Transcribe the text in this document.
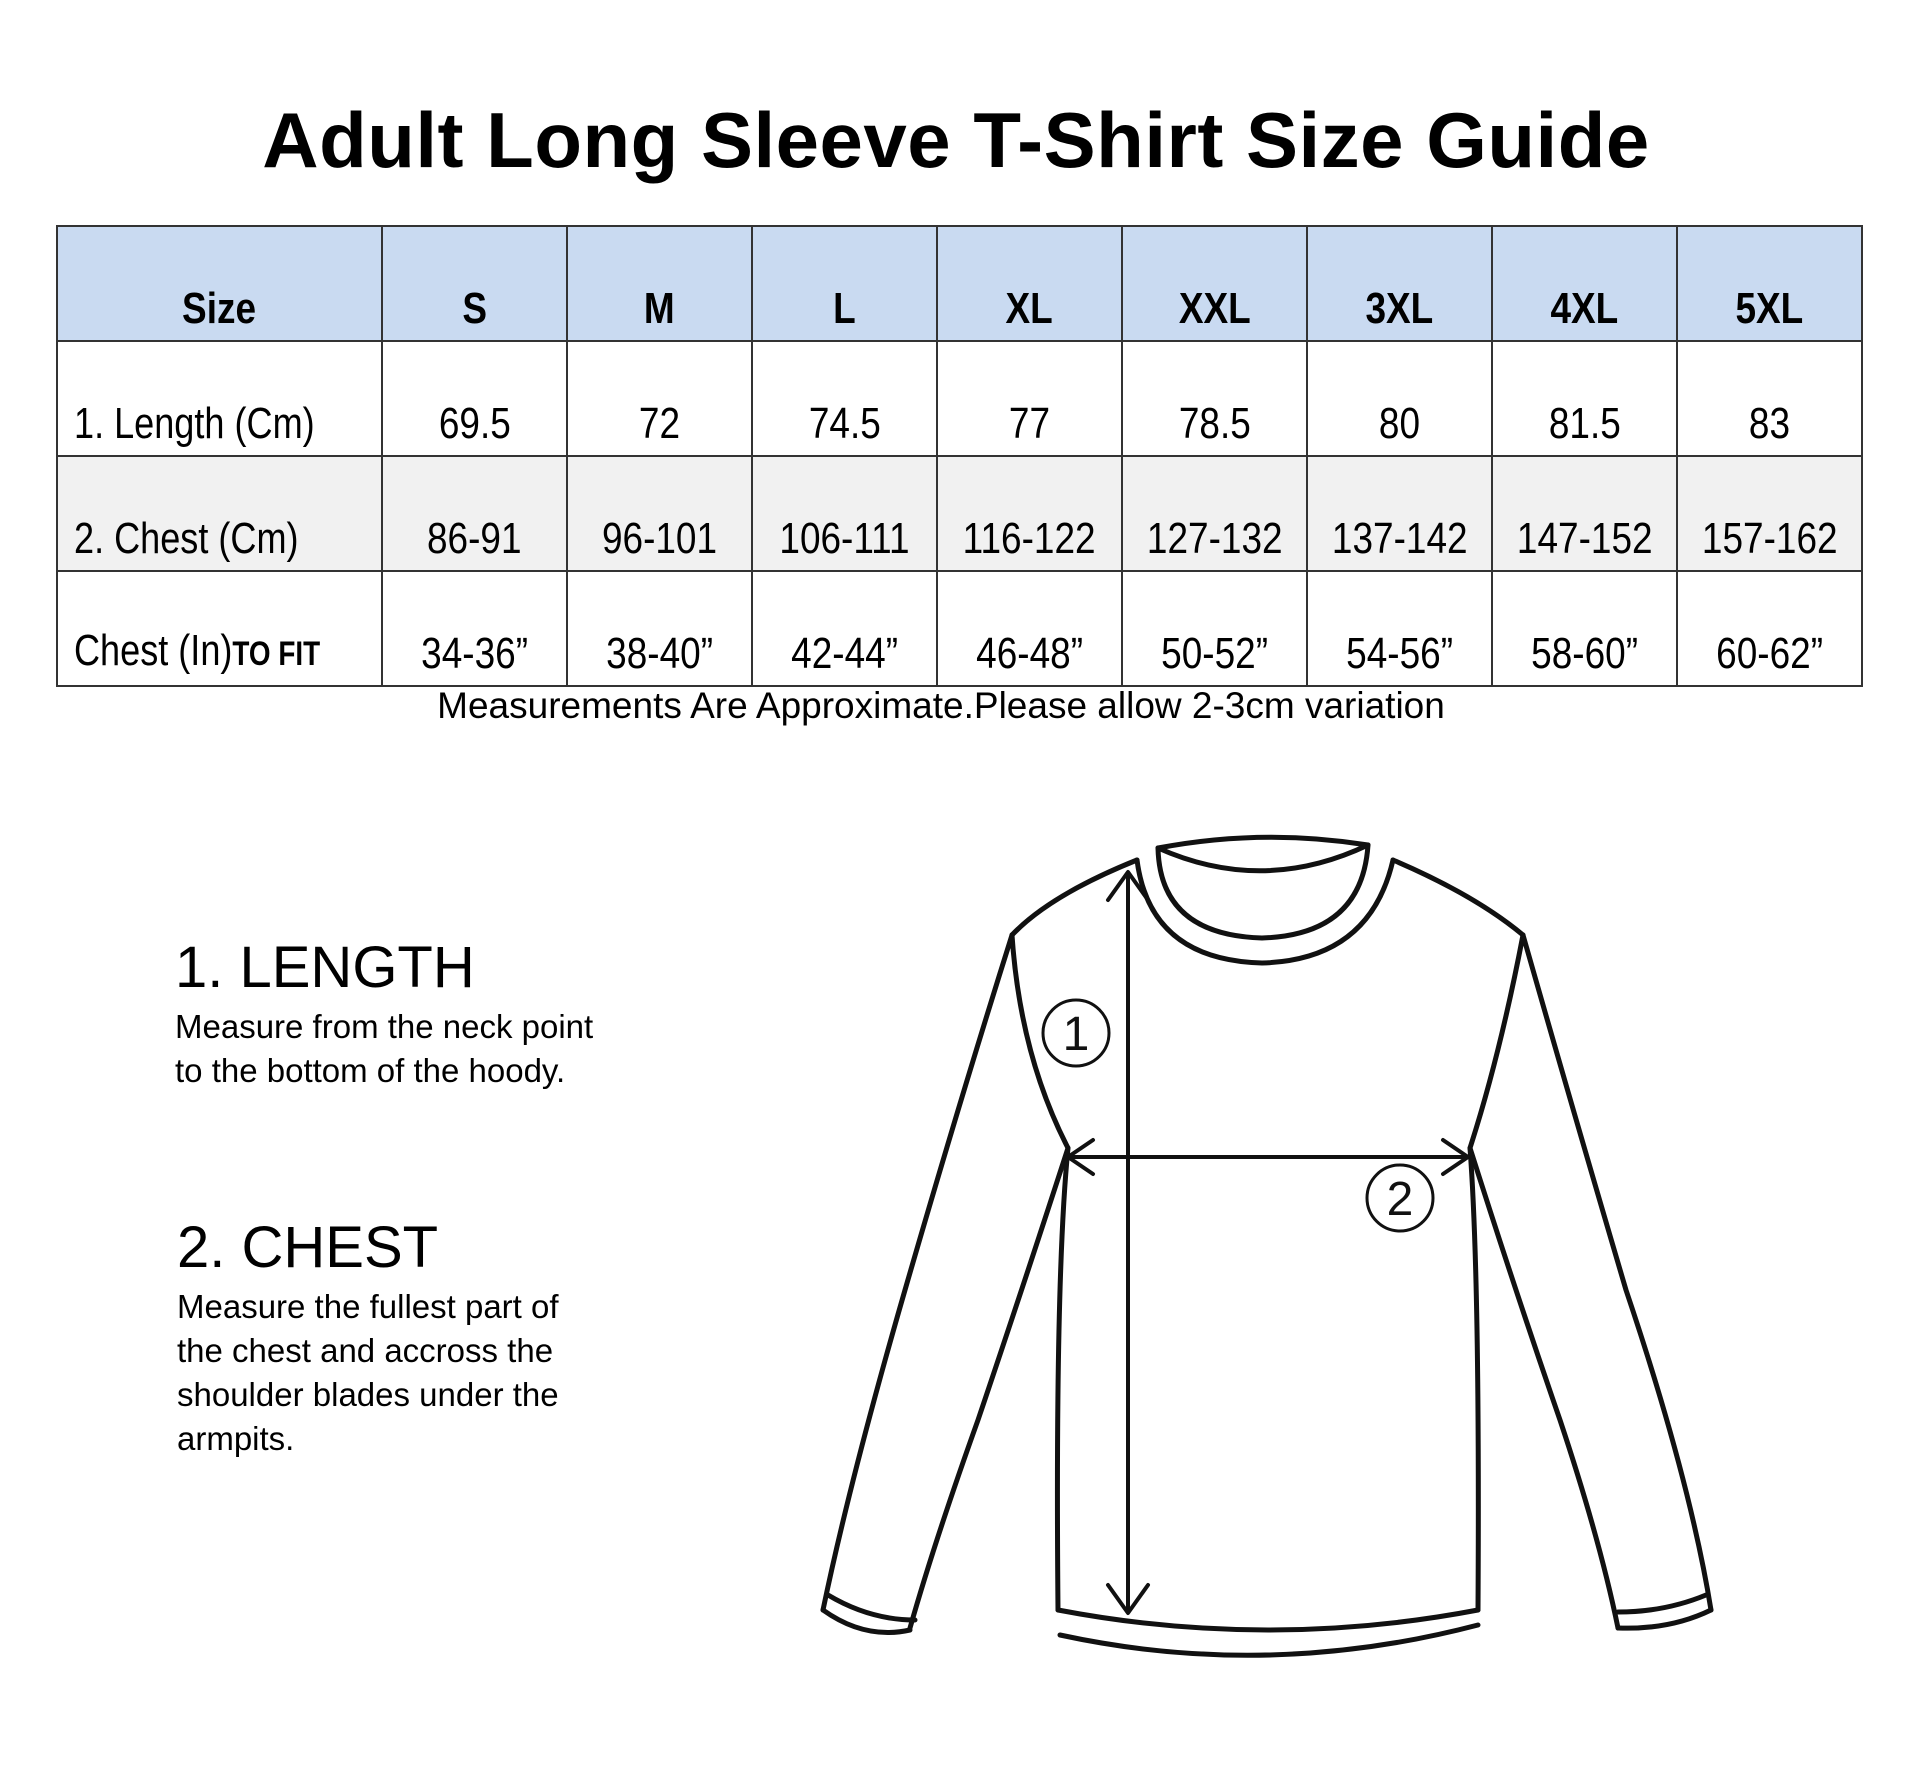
Adult Long Sleeve T-Shirt Size Guide
Size	S	M	L	XL	XXL	3XL	4XL	5XL
1. Length (Cm)	69.5	72	74.5	77	78.5	80	81.5	83
2. Chest (Cm)	86-91	96-101	106-111	116-122	127-132	137-142	147-152	157-162
Chest (In)TO FIT	34-36”	38-40”	42-44”	46-48”	50-52”	54-56”	58-60”	60-62”
Measurements Are Approximate.Please allow 2-3cm variation
1. LENGTH

Measure from the neck point
to the bottom of the hoody.

2. CHEST

Measure the fullest part of
the chest and accross the
shoulder blades under the
armpits.

1
2
